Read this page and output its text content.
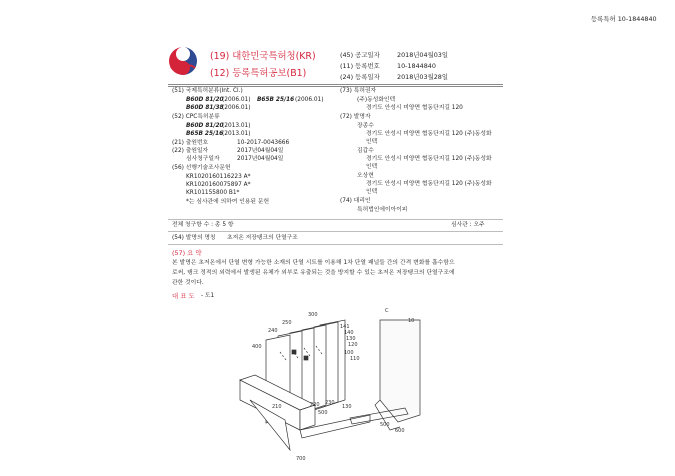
등록특허 10-1844840
(19) 대한민국특허청(KR)
(12) 등록특허공보(B1)
(45) 공고일자	2018년04월03일
(11) 등록번호	10-1844840
(24) 등록일자	2018년03월28일
(51) 국제특허분류(Int. Cl.)
B60D 81/20
(2006.01) B65B 25/16 (2006.01)
B60D 81/38
(2006.01)
(52) CPC특허분류
B60D 81/20
(2013.01)
B65B 25/16
(2013.01)
(21) 출원번호	10-2017-0043666
(22) 출원일자	2017년04월04일
심사청구일자	2017년04월04일
(56) 선행기술조사문헌
KR1020160116223 A*
KR1020160075897 A*
KR101155800 B1*
*는 심사관에 의하여 인용된 문헌
(73) 특허권자
(주)동성화인텍
경기도 안성시 미양면 협동단지길 120
(72) 발명자
장종수
경기도 안성시 미양면 협동단지길 120 (주)동성화
인텍
김갑수
경기도 안성시 미양면 협동단지길 120 (주)동성화
인텍
오상현
경기도 안성시 미양면 협동단지길 120 (주)동성화
인텍
(74) 대리인
특허법인에이아이피
전체 청구항 수 : 총 5 항	심사관 : 오주
(54) 발명의 명칭 초저온 저장탱크의 단열구조
(57) 요 약
본 발명은 초저온에서 단열 변형 가능한 소재의 단열 시트를 이용해 1차 단열 패널들 간의 간격 변화를 흡수함으
로써, 탱크 정적의 외력에서 발생된 유체가 외부로 유출되는 것을 방지할 수 있는 초저온 저장탱크의 단열구조에
관한 것이다.
대 표 도 - 도1
C
10
240
250
300
141
140
130
120
100
110
400
210	220 230
500
130
500
600
700
